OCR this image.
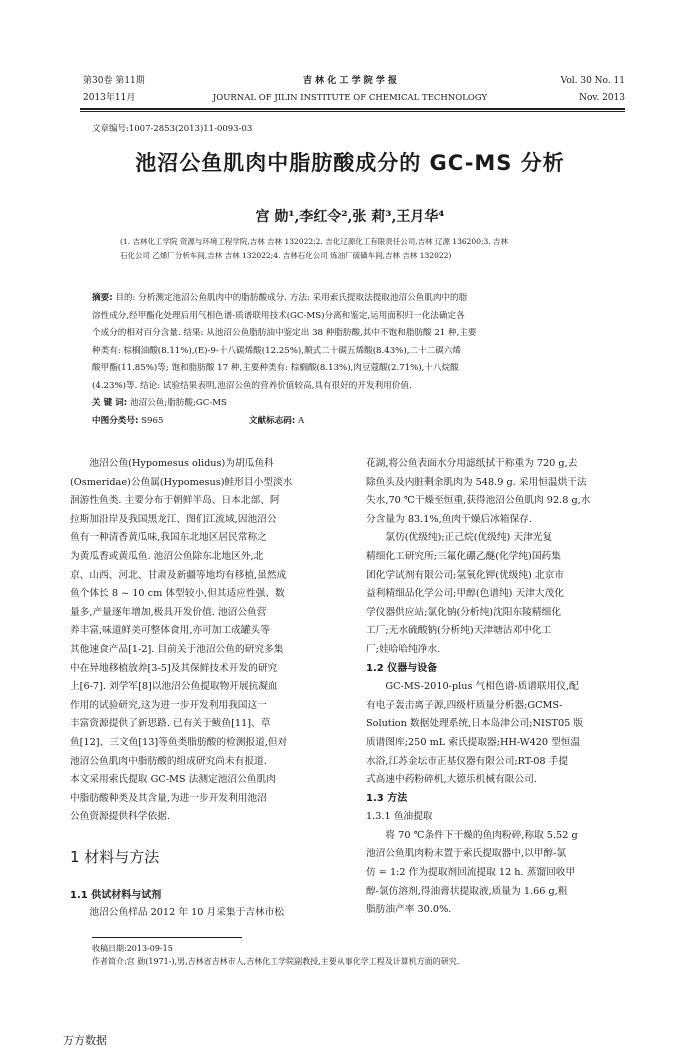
第30卷 第11期
2013年11月
吉 林 化 工 学 院 学 报
JOURNAL OF JILIN INSTITUTE OF CHEMICAL TECHNOLOGY
Vol. 30 No. 11
Nov. 2013
文章编号:1007-2853(2013)11-0093-03
池沼公鱼肌肉中脂肪酸成分的 GC-MS 分析
宫 勋¹,李红令²,张 莉³,王月华⁴
(1. 吉林化工学院 资源与环境工程学院,吉林 吉林 132022;2. 吉化辽源化工有限责任公司,吉林 辽源 136200;3. 吉林
石化公司 乙烯厂分析车间,吉林 吉林 132022;4. 吉林石化公司 炼油厂硫磺车间,吉林 吉林 132022)
摘要: 目的: 分析测定池沼公鱼肌肉中的脂肪酸成分. 方法: 采用索氏提取法提取池沼公鱼肌肉中的脂
溶性成分,经甲酯化处理后用气相色谱-质谱联用技术(GC-MS)分离和鉴定,运用面积归一化法确定各
个成分的相对百分含量. 结果: 从池沼公鱼脂肪油中鉴定出 38 种脂肪酸,其中不饱和脂肪酸 21 种,主要
种类有: 棕榈油酸(8.11%),(E)-9-十八碳烯酸(12.25%),顺式二十碳五烯酸(8.43%),二十二碳六烯
酸甲酯(11.85%)等; 饱和脂肪酸 17 种,主要种类有: 棕榈酸(8.13%),肉豆蔻酸(2.71%),十八烷酸
(4.23%)等. 结论: 试验结果表明,池沼公鱼的营养价值较高,具有很好的开发利用价值.
关 键 词: 池沼公鱼;脂肪酸;GC-MS
中图分类号: S965	文献标志码: A

池沼公鱼(Hypomesus olidus)为胡瓜鱼科

(Osmeridae)公鱼属(Hypomesus)鲑形目小型淡水

洄游性鱼类. 主要分布于朝鲜半岛、日本北部、阿

拉斯加沿岸及我国黑龙江、图们江流域,因池沼公

鱼有一种清香黄瓜味,我国东北地区居民常称之

为黄瓜香或黄瓜鱼. 池沼公鱼除东北地区外,北

京、山西、河北、甘肃及新疆等地均有移植,虽然成

鱼个体长 8 ~ 10 cm 体型较小,但其适应性强、数

量多,产量逐年增加,极具开发价值. 池沼公鱼营

养丰富,味道鲜美可整体食用,亦可加工成罐头等

其他速食产品[1-2]. 目前关于池沼公鱼的研究多集

中在异地移植放养[3-5]及其保鲜技术开发的研究

上[6-7]. 刘学军[8]以池沼公鱼提取物开展抗凝血

作用的试验研究,这为进一步开发利用我国这一

丰富资源提供了新思路. 已有关于鲅鱼[11]、草

鱼[12]、三文鱼[13]等鱼类脂肪酸的检测报道,但对

池沼公鱼肌肉中脂肪酸的组成研究尚未有报道.

本文采用索氏提取 GC-MS 法测定池沼公鱼肌肉

中脂肪酸种类及其含量,为进一步开发利用池沼

公鱼资源提供科学依据.

1 材料与方法
1.1 供试材料与试剂

池沼公鱼样品 2012 年 10 月采集于吉林市松

花湖,将公鱼表面水分用滤纸拭干称重为 720 g,去

除鱼头及内脏剩余肌肉为 548.9 g. 采用恒温烘干法

失水,70 ℃干燥至恒重,获得池沼公鱼肌肉 92.8 g,水

分含量为 83.1%,鱼肉干燥后冰箱保存.

氯仿(优级纯);正己烷(优级纯) 天津光复

精细化工研究所;三氟化硼乙醚(化学纯)国药集

团化学试剂有限公司;氢氧化钾(优级纯) 北京市

益利精细品化学公司;甲醇(色谱纯) 天津大茂化

学仪器供应站;氯化钠(分析纯)沈阳东陵精细化

工厂;无水硫酸钠(分析纯)天津塘沽邓中化工

厂;娃哈哈纯净水.

1.2 仪器与设备

GC-MS-2010-plus 气相色谱-质谱联用仪,配

有电子轰击离子源,四级杆质量分析器;GCMS-

Solution 数据处理系统,日本岛津公司;NIST05 版

质谱图库;250 mL 索氏提取器;HH-W420 型恒温

水浴,江苏金坛市正基仪器有限公司;RT-08 手提

式高速中药粉碎机,大德乐机械有限公司.

1.3 方法

1.3.1 鱼油提取

将 70 ℃条件下干燥的鱼肉粉碎,称取 5.52 g

池沼公鱼肌肉粉末置于索氏提取器中,以甲醇-氯

仿 = 1:2 作为提取剂回流提取 12 h. 蒸馏回收甲

醇-氯仿溶剂,得油膏状提取液,质量为 1.66 g,粗

脂肪油产率 30.0%.

收稿日期:2013-09-15
作者简介:宫 勋(1971-),男,吉林省吉林市人,吉林化工学院副教授,主要从事化学工程及计算机方面的研究.
万方数据
